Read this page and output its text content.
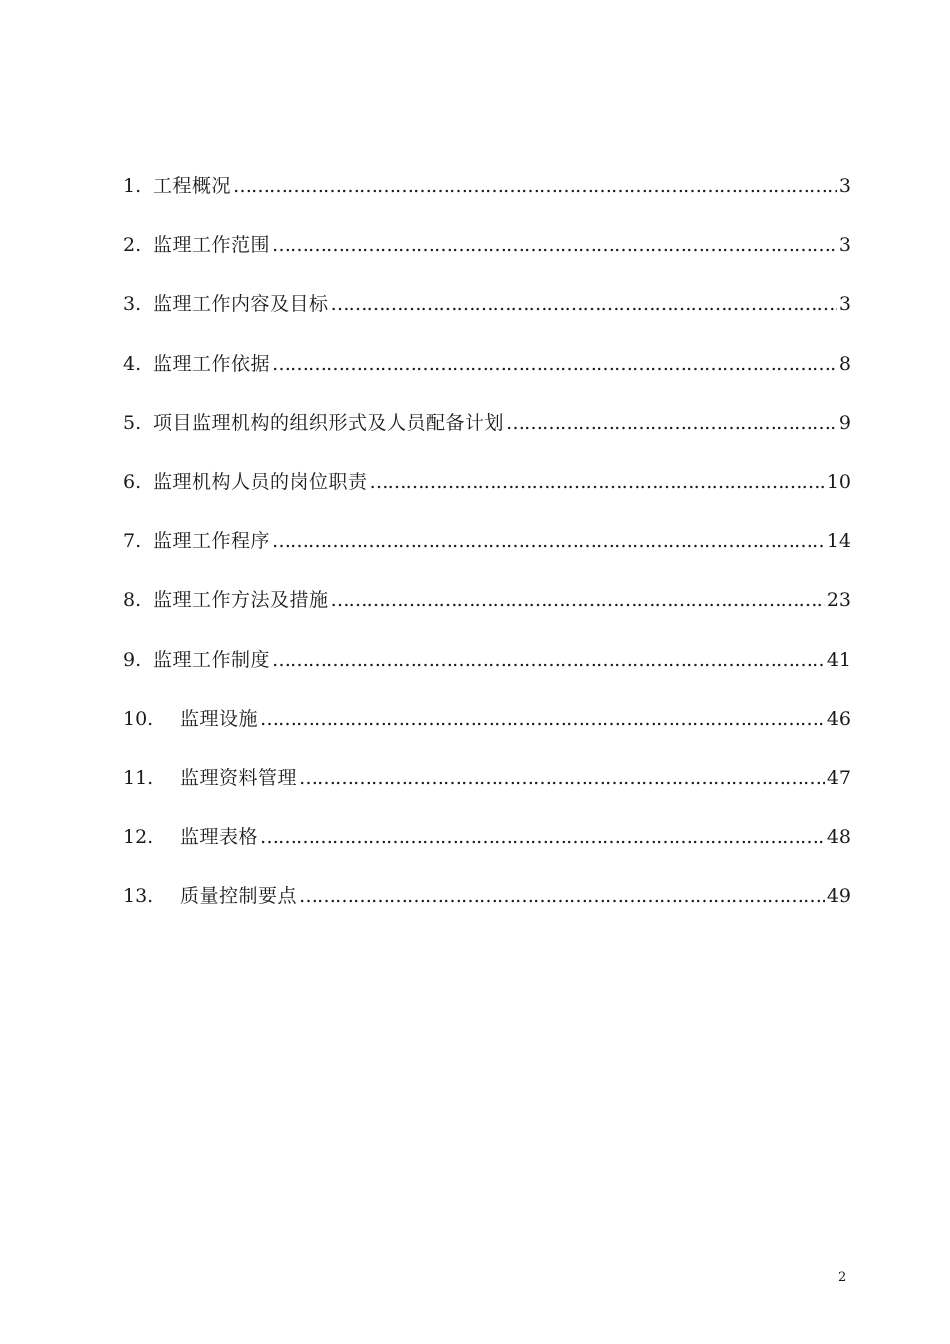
1. 工程概况 …………………………………………………………………………………………………………………………………………………………………………………………………………	3
2. 监理工作范围 …………………………………………………………………………………………………………………………………………………………………………………………………………	3
3. 监理工作内容及目标 …………………………………………………………………………………………………………………………………………………………………………………………………………	3
4. 监理工作依据 …………………………………………………………………………………………………………………………………………………………………………………………………………	8
5. 项目监理机构的组织形式及人员配备计划 …………………………………………………………………………………………………………………………………………………………………………………………………………	9
6. 监理机构人员的岗位职责 …………………………………………………………………………………………………………………………………………………………………………………………………………	10
7. 监理工作程序 …………………………………………………………………………………………………………………………………………………………………………………………………………	14
8. 监理工作方法及措施 …………………………………………………………………………………………………………………………………………………………………………………………………………	23
9. 监理工作制度 …………………………………………………………………………………………………………………………………………………………………………………………………………	41
10.	监理设施 …………………………………………………………………………………………………………………………………………………………………………………………………………	46
11.	监理资料管理 …………………………………………………………………………………………………………………………………………………………………………………………………………	47
12.	监理表格 …………………………………………………………………………………………………………………………………………………………………………………………………………	48
13.	质量控制要点 …………………………………………………………………………………………………………………………………………………………………………………………………………	49
2
